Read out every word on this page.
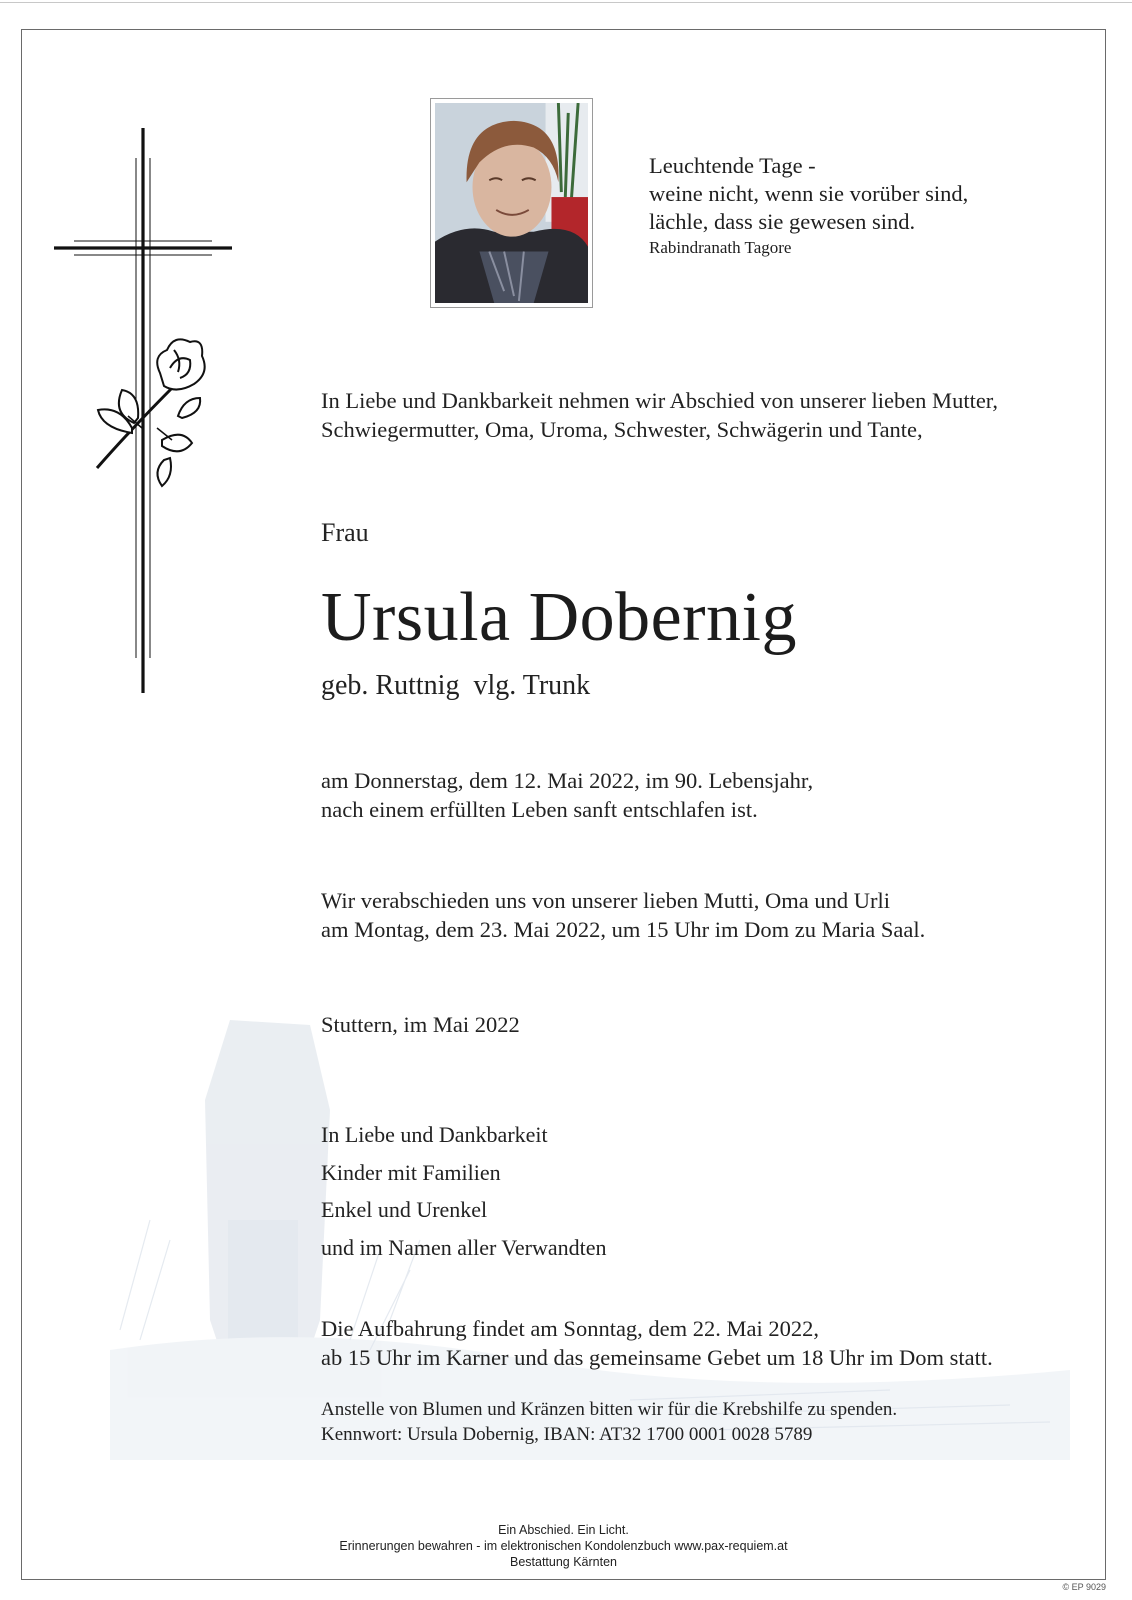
Leuchtende Tage -
weine nicht, wenn sie vorüber sind,
lächle, dass sie gewesen sind.
Rabindranath Tagore
In Liebe und Dankbarkeit nehmen wir Abschied von unserer lieben Mutter,
Schwiegermutter, Oma, Uroma, Schwester, Schwägerin und Tante,
Frau
Ursula Dobernig
geb. Ruttnig  vlg. Trunk
am Donnerstag, dem 12. Mai 2022, im 90. Lebensjahr,
nach einem erfüllten Leben sanft entschlafen ist.
Wir verabschieden uns von unserer lieben Mutti, Oma und Urli
am Montag, dem 23. Mai 2022, um 15 Uhr im Dom zu Maria Saal.
Stuttern, im Mai 2022
In Liebe und Dankbarkeit
Kinder mit Familien
Enkel und Urenkel
und im Namen aller Verwandten
Die Aufbahrung findet am Sonntag, dem 22. Mai 2022,
ab 15 Uhr im Karner und das gemeinsame Gebet um 18 Uhr im Dom statt.
Anstelle von Blumen und Kränzen bitten wir für die Krebshilfe zu spenden.
Kennwort: Ursula Dobernig, IBAN: AT32 1700 0001 0028 5789
Ein Abschied. Ein Licht.
Erinnerungen bewahren - im elektronischen Kondolenzbuch www.pax-requiem.at
Bestattung Kärnten
© EP 9029
